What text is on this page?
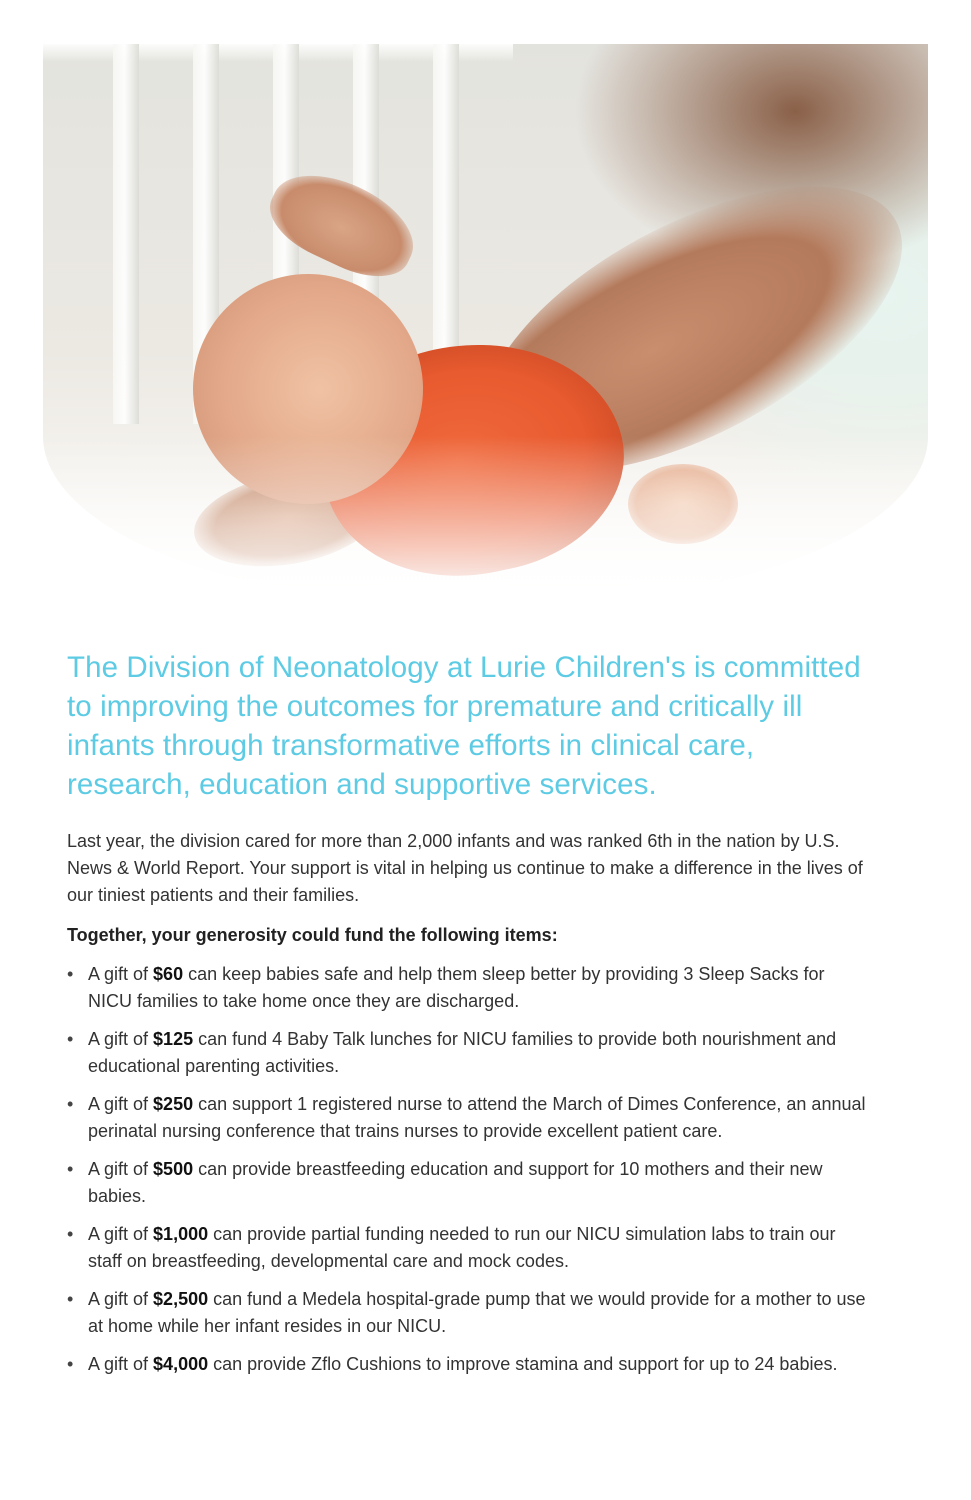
The Division of Neonatology at Lurie Children's is committed to improving the outcomes for premature and critically ill infants through transformative efforts in clinical care, research, education and supportive services.

Last year, the division cared for more than 2,000 infants and was ranked 6th in the nation by U.S. News & World Report. Your support is vital in helping us continue to make a difference in the lives of our tiniest patients and their families.

Together, your generosity could fund the following items:

• A gift of $60 can keep babies safe and help them sleep better by providing 3 Sleep Sacks for NICU families to take home once they are discharged.
• A gift of $125 can fund 4 Baby Talk lunches for NICU families to provide both nourishment and educational parenting activities.
• A gift of $250 can support 1 registered nurse to attend the March of Dimes Conference, an annual perinatal nursing conference that trains nurses to provide excellent patient care.
• A gift of $500 can provide breastfeeding education and support for 10 mothers and their new babies.
• A gift of $1,000 can provide partial funding needed to run our NICU simulation labs to train our staff on breastfeeding, developmental care and mock codes.
• A gift of $2,500 can fund a Medela hospital-grade pump that we would provide for a mother to use at home while her infant resides in our NICU.
• A gift of $4,000 can provide Zflo Cushions to improve stamina and support for up to 24 babies.
